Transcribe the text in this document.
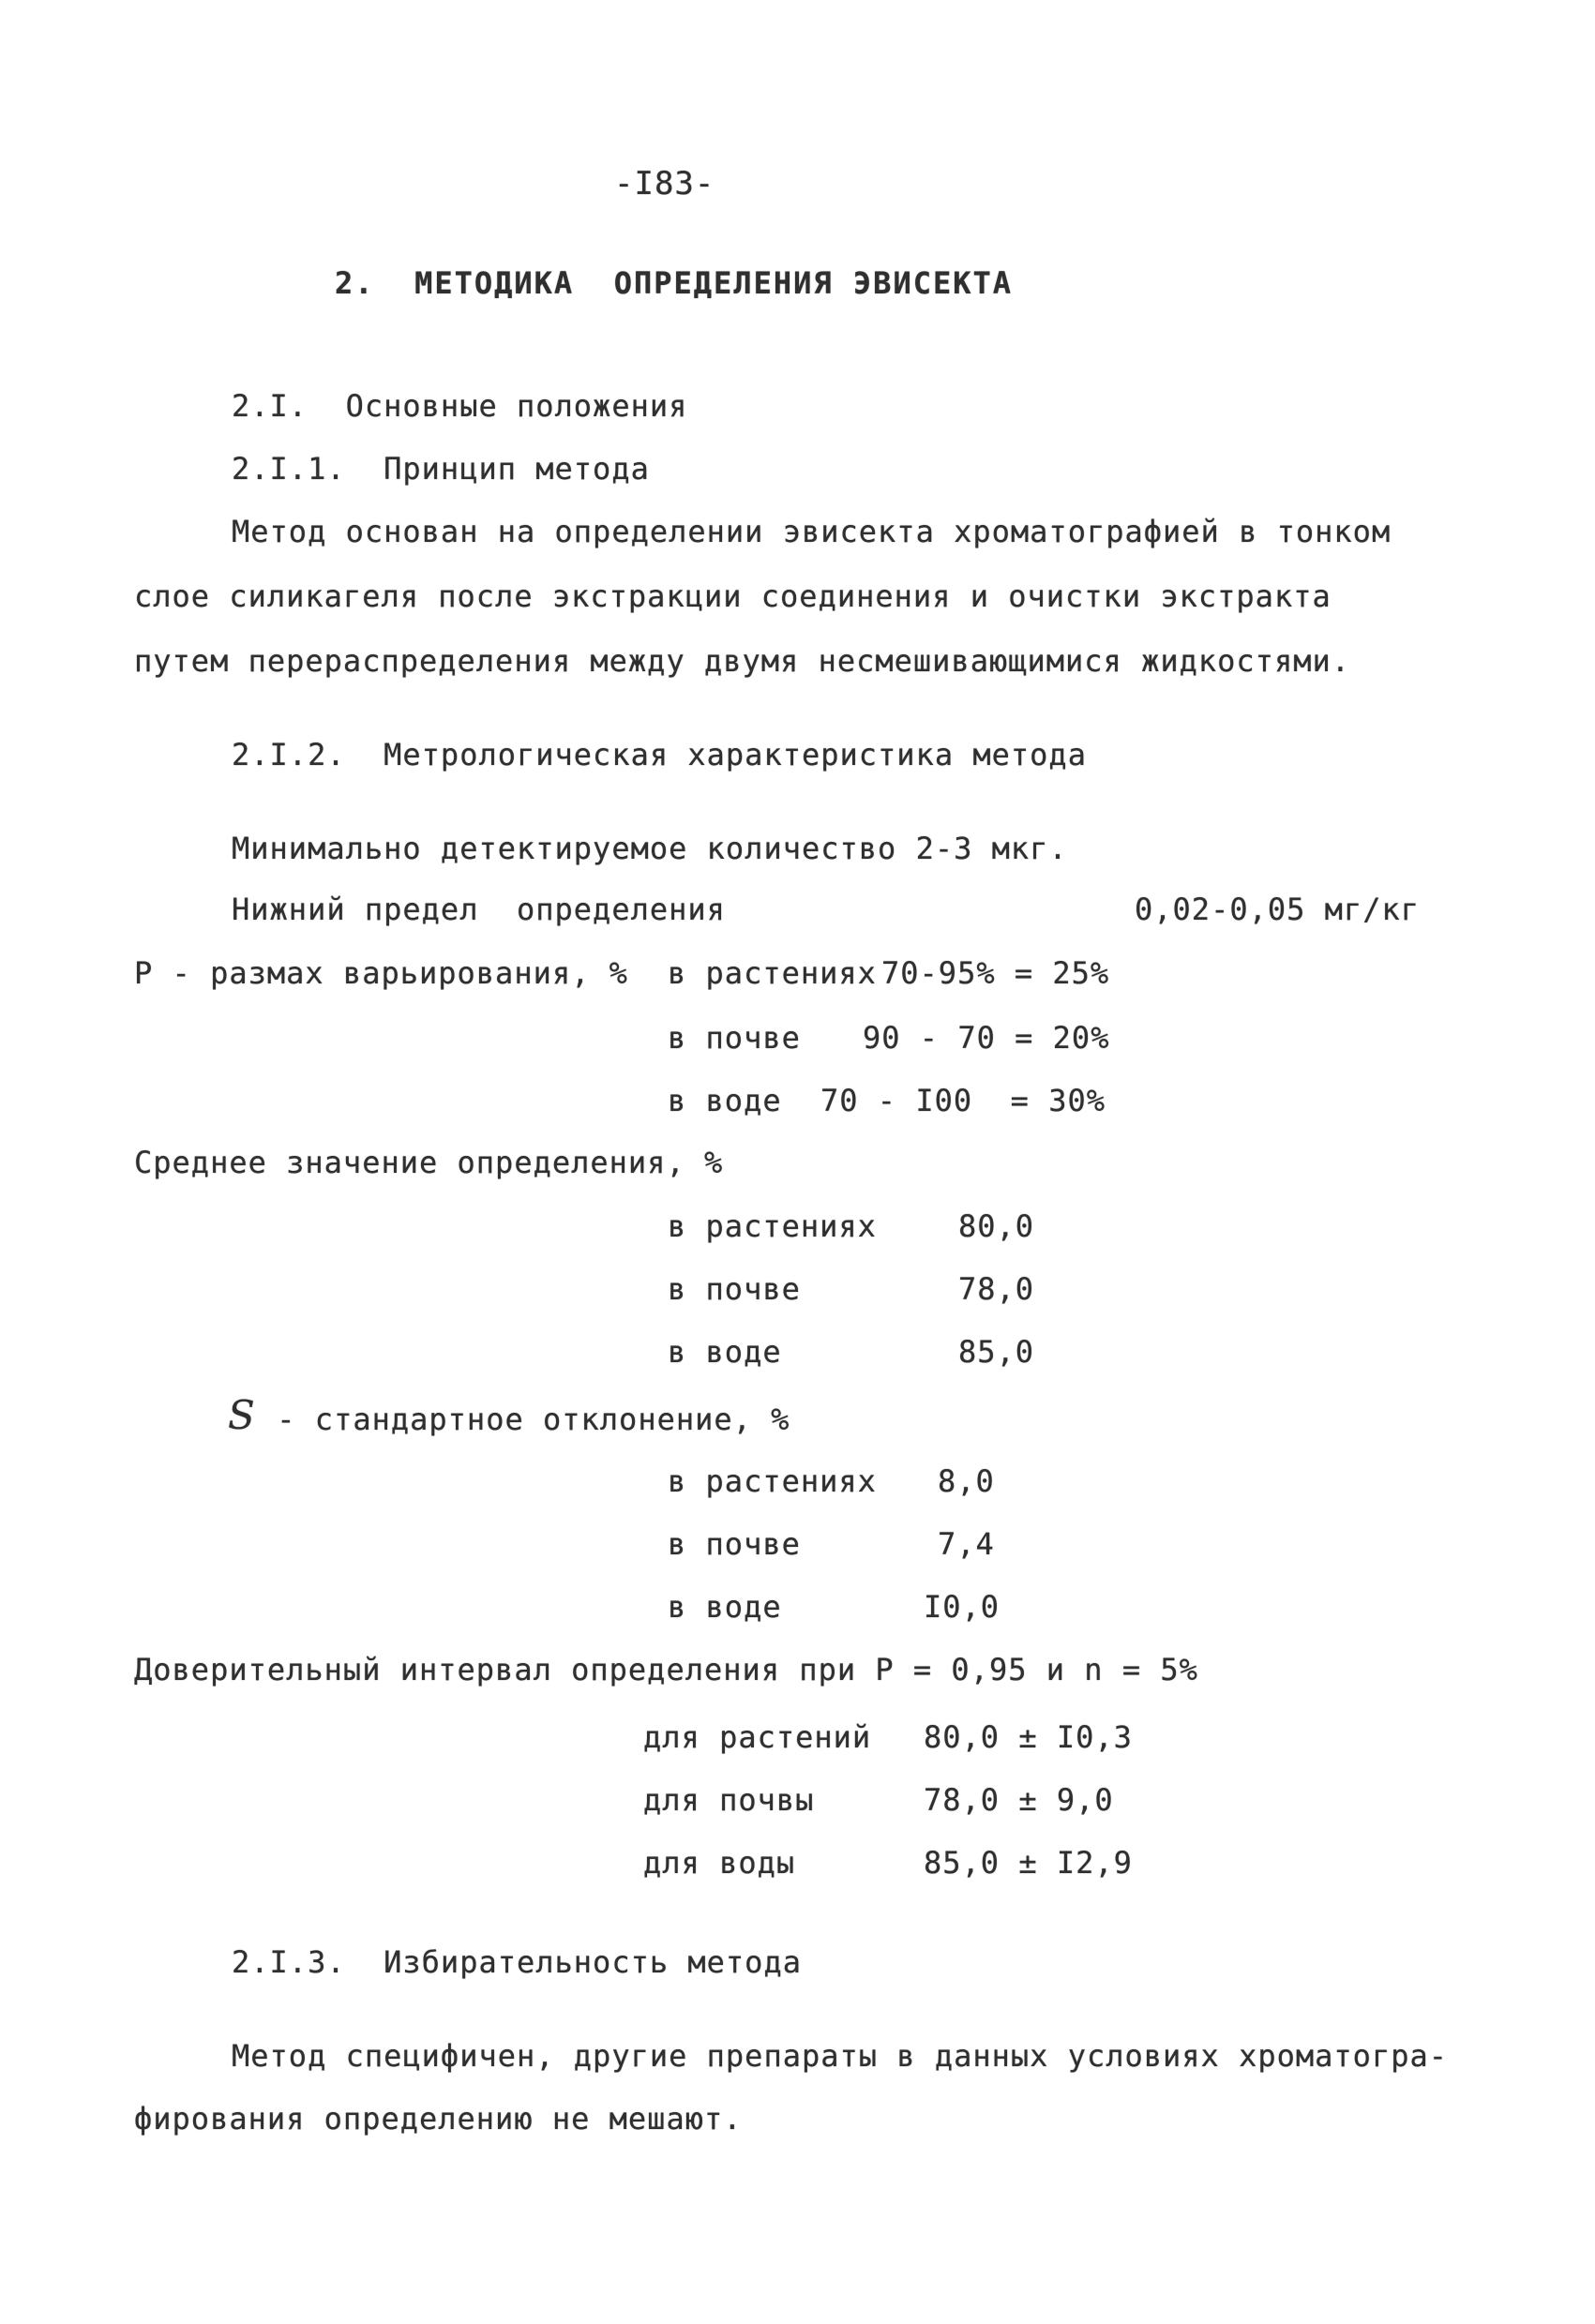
-I83-
2.  МЕТОДИКА  ОПРЕДЕЛЕНИЯ ЭВИСЕКТА
2.I.  Основные положения
2.I.1.  Принцип метода
Метод основан на определении эвисекта хроматографией в тонком
слое силикагеля после экстракции соединения и очистки экстракта
путем перераспределения между двумя несмешивающимися жидкостями.
2.I.2.  Метрологическая характеристика метода
Минимально детектируемое количество 2-3 мкг.
Нижний предел  определения	0,02-0,05 мг/кг
Р - размах варьирования, % в растениях 70-95% = 25%
в почве 90 - 70 = 20%
в воде 70 - I00  = 30%
Среднее значение определения, %
в растениях	80,0
в почве	78,0
в воде	85,0
S - стандартное отклонение, %
в растениях 8,0
в почве	7,4
в воде	I0,0
Доверительный интервал определения при Р = 0,95 и n = 5%
для растений 80,0 ± I0,3
для почвы	78,0 ± 9,0
для воды	85,0 ± I2,9
2.I.3.  Избирательность метода
Метод специфичен, другие препараты в данных условиях хроматогра-
фирования определению не мешают.
